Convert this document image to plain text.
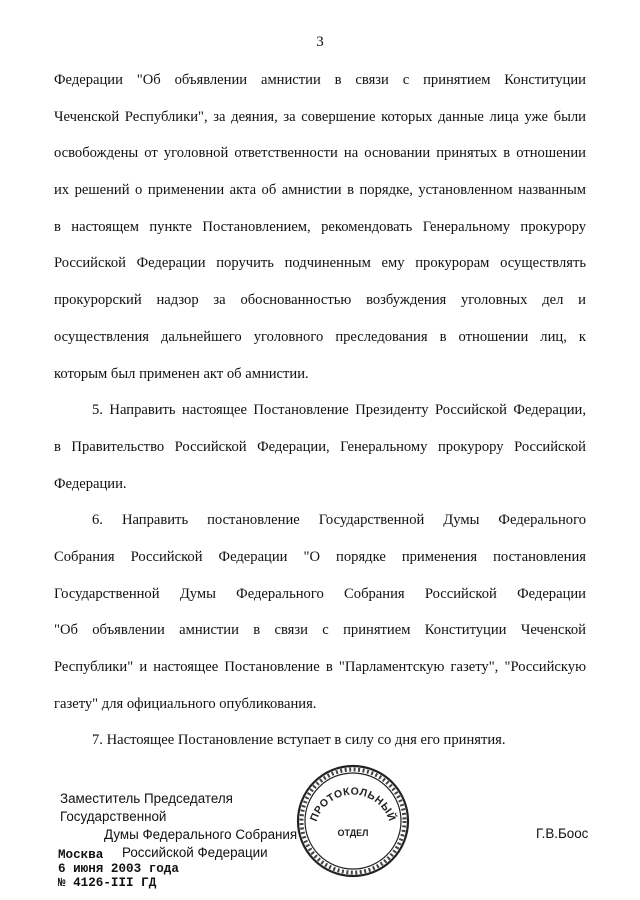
3
Федерации "Об объявлении амнистии в связи с принятием Конституции
Чеченской Республики", за деяния, за совершение которых данные лица уже были
освобождены от уголовной ответственности на основании принятых в отношении
их решений о применении акта об амнистии в порядке, установленном названным
в настоящем пункте Постановлением, рекомендовать Генеральному прокурору
Российской Федерации поручить подчиненным ему прокурорам осуществлять
прокурорский надзор за обоснованностью возбуждения уголовных дел и
осуществления дальнейшего уголовного преследования в отношении лиц, к
которым был применен акт об амнистии.
5. Направить настоящее Постановление Президенту Российской Федерации,
в Правительство Российской Федерации, Генеральному прокурору Российской
Федерации.
6. Направить постановление Государственной Думы Федерального
Собрания Российской Федерации "О порядке применения постановления
Государственной Думы Федерального Собрания Российской Федерации
"Об объявлении амнистии в связи с принятием Конституции Чеченской
Республики" и настоящее Постановление в "Парламентскую газету", "Российскую
газету" для официального опубликования.
7. Настоящее Постановление вступает в силу со дня его принятия.
Заместитель Председателя Государственной
Думы Федерального Собрания
Российской Федерации
ПРОТОКОЛЬНЫЙ
ОТДЕЛ	Г.В.Боос
Москва
6 июня 2003 года
№ 4126-III ГД
